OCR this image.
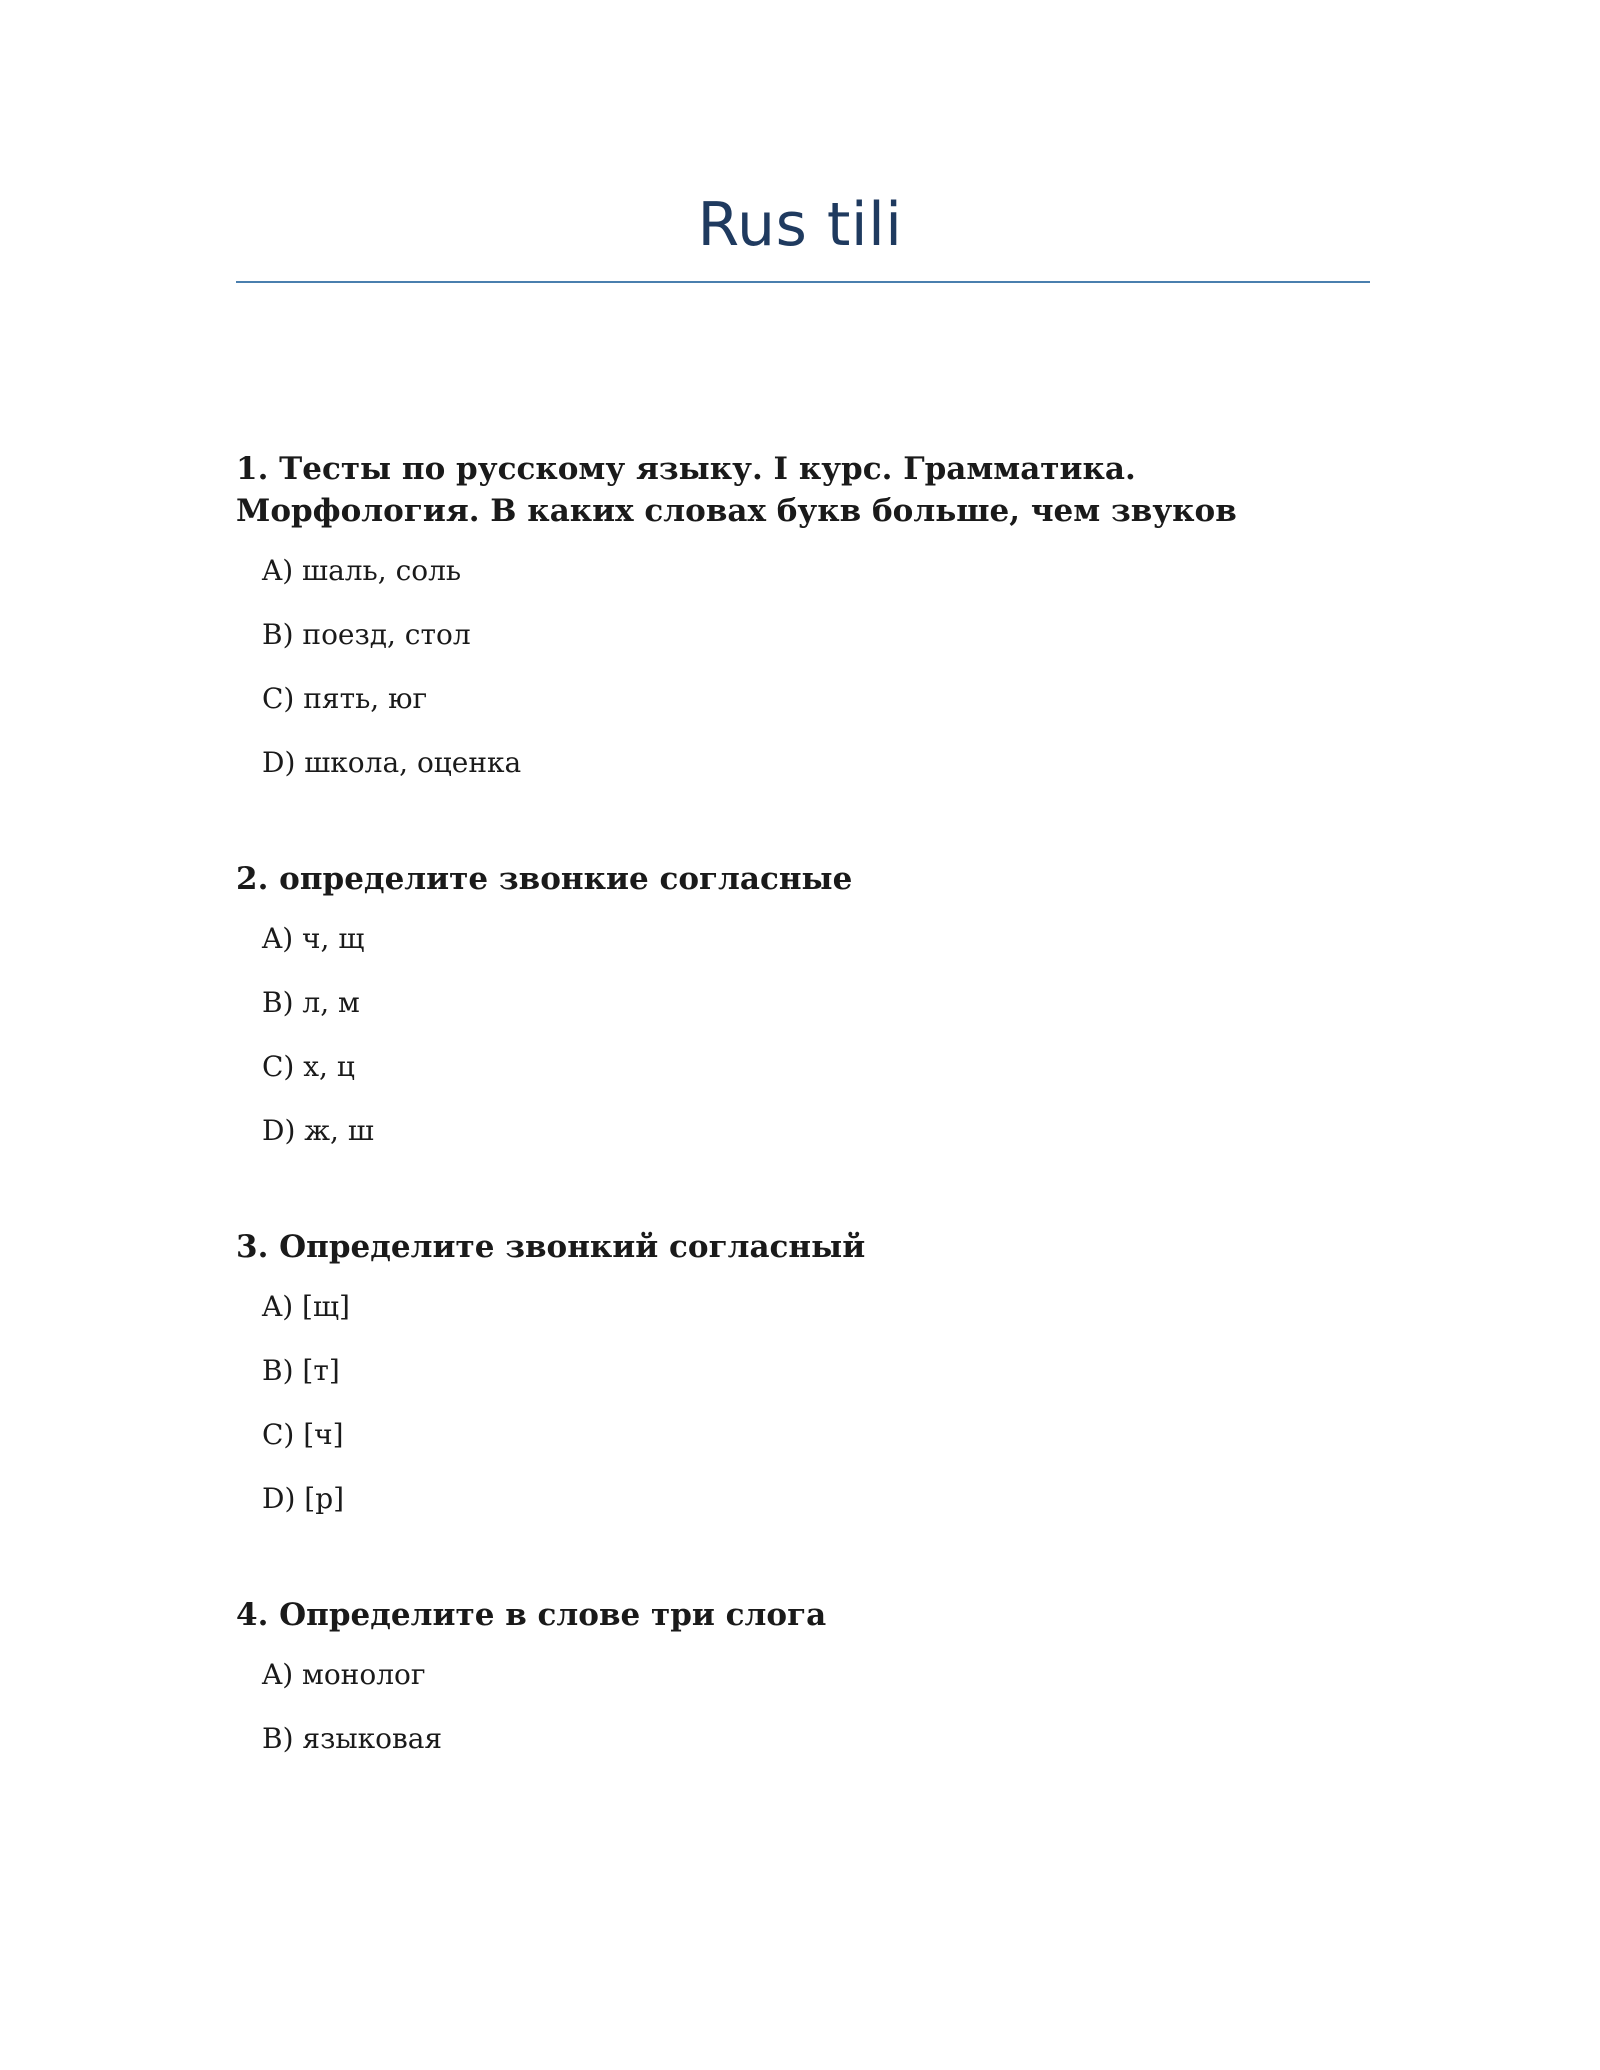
Rus tili
1. Тесты по русскому языку. I курс. Грамматика. Морфология. В каких словах букв больше, чем звуков
A) шаль, соль
B) поезд, стол
C) пять, юг
D) школа, оценка
2. определите звонкие согласные
A) ч, щ
B) л, м
C) х, ц
D) ж, ш
3. Определите звонкий согласный
A) [щ]
B) [т]
C) [ч]
D) [р]
4. Определите в слове три слога
A) монолог
B) языковая
